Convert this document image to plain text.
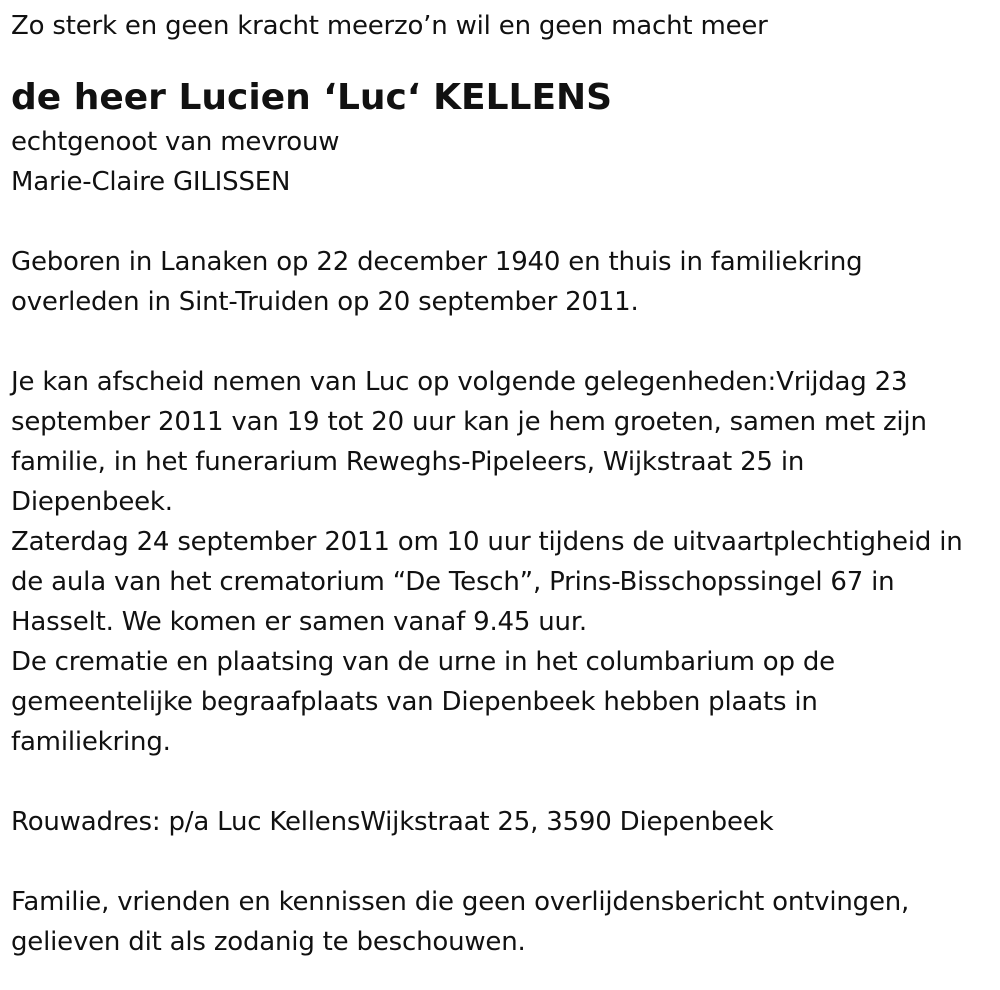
Zo sterk en geen kracht meerzo’n wil en geen macht meer
de heer Lucien ‘Luc‘ KELLENS
echtgenoot van mevrouw
Marie-Claire GILISSEN
Geboren in Lanaken op 22 december 1940 en thuis in familiekring
overleden in Sint-Truiden op 20 september 2011.
Je kan afscheid nemen van Luc op volgende gelegenheden:Vrijdag 23
september 2011 van 19 tot 20 uur kan je hem groeten, samen met zijn
familie, in het funerarium Reweghs-Pipeleers, Wijkstraat 25 in
Diepenbeek.
Zaterdag 24 september 2011 om 10 uur tijdens de uitvaartplechtigheid in
de aula van het crematorium “De Tesch”, Prins-Bisschopssingel 67 in
Hasselt. We komen er samen vanaf 9.45 uur.
De crematie en plaatsing van de urne in het columbarium op de
gemeentelijke begraafplaats van Diepenbeek hebben plaats in
familiekring.
Rouwadres: p/a Luc KellensWijkstraat 25, 3590 Diepenbeek
Familie, vrienden en kennissen die geen overlijdensbericht ontvingen,
gelieven dit als zodanig te beschouwen.
